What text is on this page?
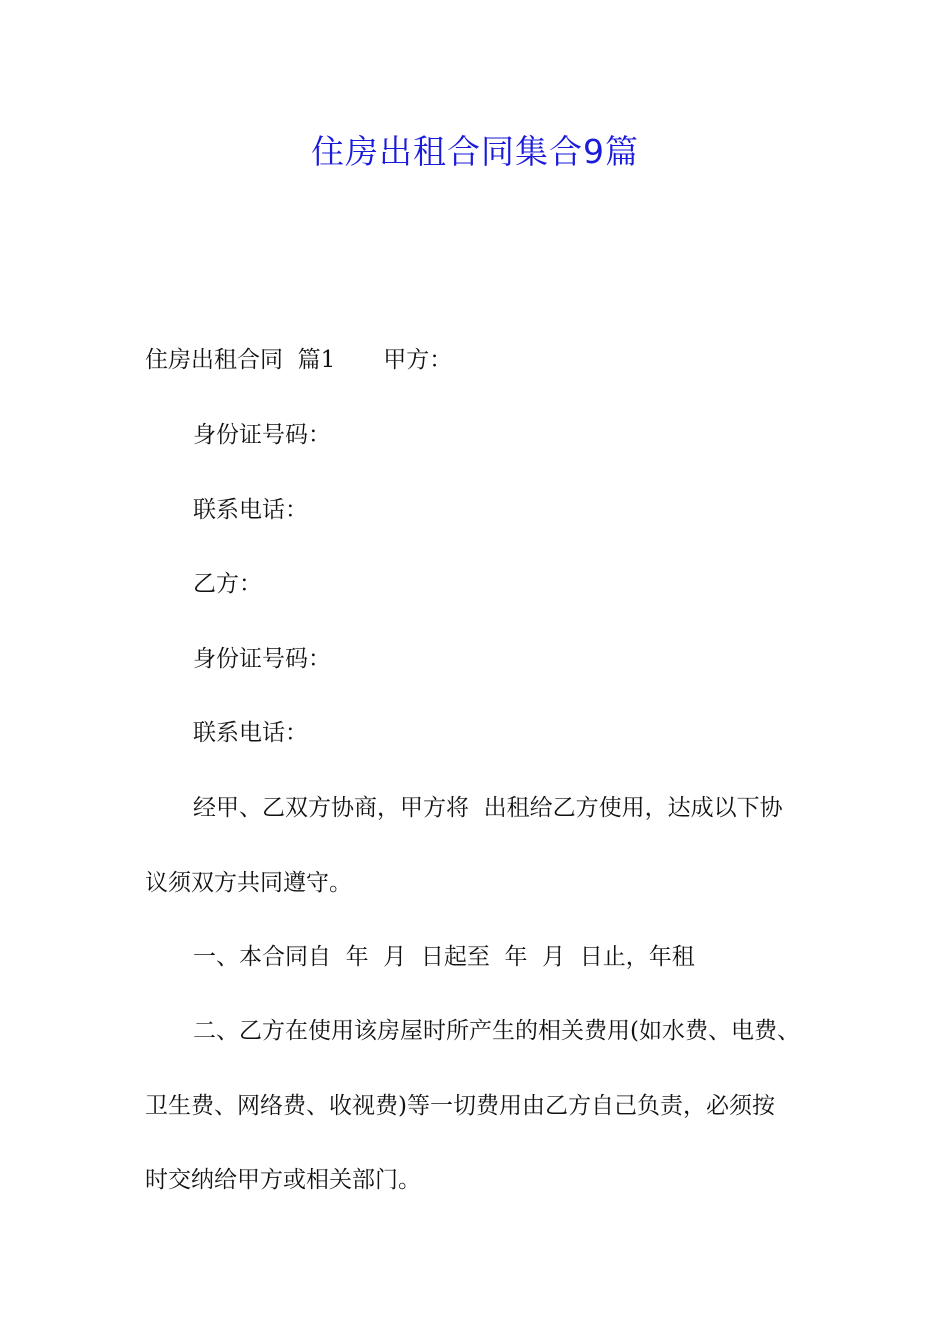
住房出租合同集合9篇

住房出租合同  篇1 甲方：

身份证号码：

联系电话：

乙方：

身份证号码：

联系电话：

经甲、乙双方协商，甲方将  出租给乙方使用，达成以下协

议须双方共同遵守。

一、本合同自  年  月  日起至  年  月  日止，年租

二、乙方在使用该房屋时所产生的相关费用(如水费、电费、

卫生费、网络费、收视费)等一切费用由乙方自己负责，必须按

时交纳给甲方或相关部门。
